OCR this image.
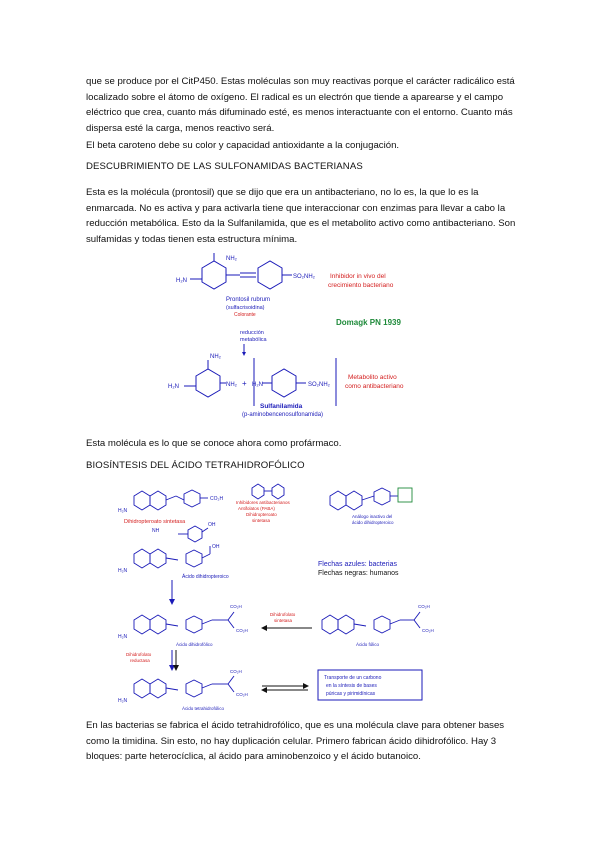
que se produce por el CitP450. Estas moléculas son muy reactivas porque el carácter radicálico está localizado sobre el átomo de oxígeno. El radical es un electrón que tiende a aparearse y el campo eléctrico que crea, cuanto más difuminado esté, es menos interactuante con el entorno. Cuanto más dispersa esté la carga, menos reactivo será.

El beta caroteno debe su color y capacidad antioxidante a la conjugación.

DESCUBRIMIENTO DE LAS SULFONAMIDAS BACTERIANAS

Esta es la molécula (prontosil) que se dijo que era un antibacteriano, no lo es, la que lo es la enmarcada. No es activa y para activarla tiene que interaccionar con enzimas para llevar a cabo la reducción metabólica. Esto da la Sulfanilamida, que es el metabolito activo como antibacteriano. Son sulfamidas y todas tienen esta estructura mínima.

NH₂
H₂N
SO₂NH₂
Prontosil rubrum
(sulfacrisoidina)
Colorante
Inhibidor in vivo del
crecimiento bacteriano
Domagk PN 1939
reducción
metabólica
NH₂
H₂N	NH₂ + H₂N	SO₂NH₂
Metabolito activo
como antibacteriano
Sulfanilamida
(p-aminobencenosulfonamida)

Esta molécula es lo que se conoce ahora como profármaco.

BIOSÍNTESIS DEL ÁCIDO TETRAHIDROFÓLICO

CO₂H
H₂N
Dihidropteroato sintetasa	OH
NH
Inhibidores antibacterianos
Antifolatos (PABA)
Dihidropteroato
sintetasa
Análogo inactivo del
ácido dihidropteroico
OH
H₂N
Ácido dihidropteroico
Flechas azules: bacterias
Flechas negras: humanos
CO₂H
CO₂H
H₂N
Ácido dihidrofólico
Dihidrofolato
sintetasa
CO₂H
CO₂H
Ácido fólico
Dihidrofolato
reductasa
CO₂H
CO₂H
H₂N
Ácido tetrahidrofólico
Transporte de un carbono
en la síntesis de bases
púricas y pirimidínicas

En las bacterias se fabrica el ácido tetrahidrofólico, que es una molécula clave para obtener bases como la timidina. Sin esto, no hay duplicación celular. Primero fabrican ácido dihidrofólico. Hay 3 bloques: parte heterocíclica, al ácido para aminobenzoico y el ácido butanoico.
